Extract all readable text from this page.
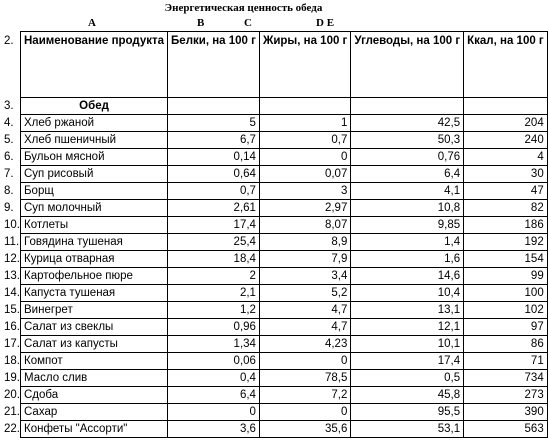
Энергетическая ценность обеда
A	B	C	D E
2.	Наименование продукта	Белки, на 100 г	Жиры, на 100 г	Углеводы, на 100 г	Ккал, на 100 г
3.	Обед				
4.	Хлеб ржаной	5	1	42,5	204
5.	Хлеб пшеничный	6,7	0,7	50,3	240
6.	Бульон мясной	0,14	0	0,76	4
7.	Суп рисовый	0,64	0,07	6,4	30
8.	Борщ	0,7	3	4,1	47
9.	Суп молочный	2,61	2,97	10,8	82
10.	Котлеты	17,4	8,07	9,85	186
11.	Говядина тушеная	25,4	8,9	1,4	192
12.	Курица отварная	18,4	7,9	1,6	154
13.	Картофельное пюре	2	3,4	14,6	99
14.	Капуста тушеная	2,1	5,2	10,4	100
15.	Винегрет	1,2	4,7	13,1	102
16.	Салат из свеклы	0,96	4,7	12,1	97
17.	Салат из капусты	1,34	4,23	10,1	86
18.	Компот	0,06	0	17,4	71
19.	Масло слив	0,4	78,5	0,5	734
20.	Сдоба	6,4	7,2	45,8	273
21.	Сахар	0	0	95,5	390
22.	Конфеты "Ассорти"	3,6	35,6	53,1	563
